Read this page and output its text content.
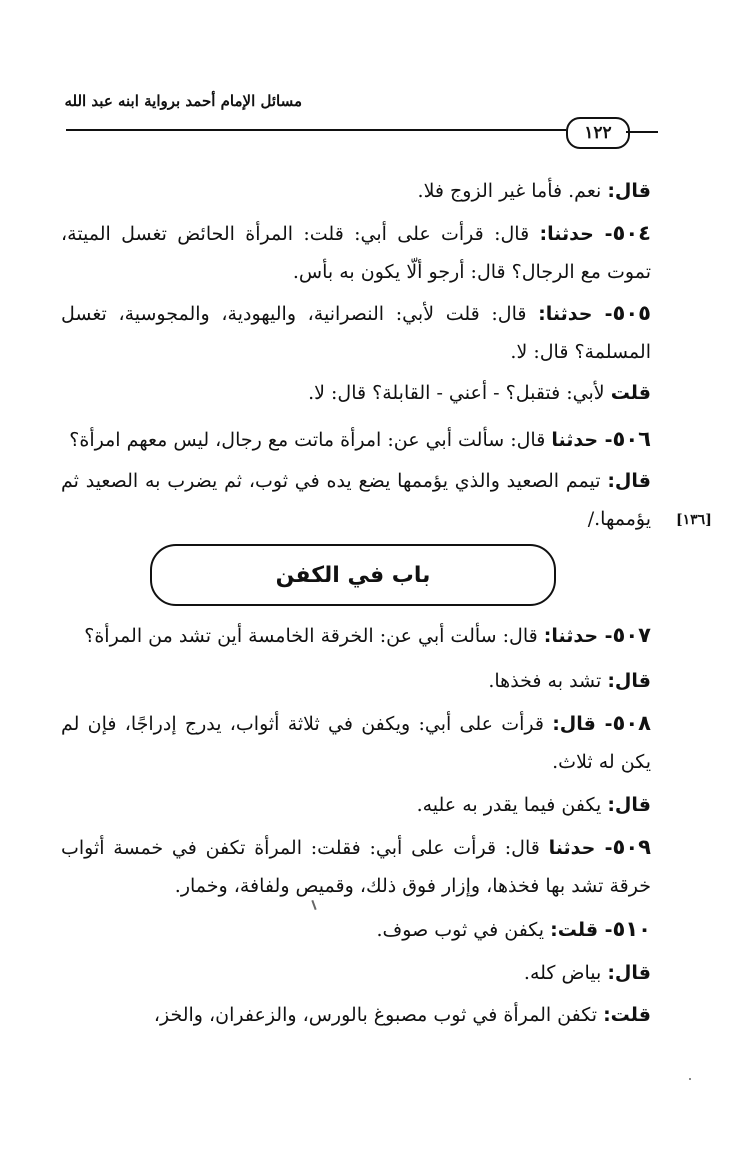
مسائل الإمام أحمد برواية ابنه عبد الله
١٢٢
قال: نعم. فأما غير الزوج فلا.
٥٠٤- حدثنا: قال: قرأت على أبي: قلت: المرأة الحائض تغسل الميتة، تموت مع الرجال؟ قال: أرجو ألّا يكون به بأس.
٥٠٥- حدثنا: قال: قلت لأبي: النصرانية، واليهودية، والمجوسية، تغسل المسلمة؟ قال: لا.
قلت لأبي: فتقبل؟ - أعني - القابلة؟ قال: لا.
٥٠٦- حدثنا قال: سألت أبي عن: امرأة ماتت مع رجال، ليس معهم امرأة؟
قال: تيمم الصعيد والذي يؤممها يضع يده في ثوب، ثم يضرب به الصعيد ثم يؤممها./ [١٣٦]
باب في الكفن
٥٠٧- حدثنا: قال: سألت أبي عن: الخرقة الخامسة أين تشد من المرأة؟
قال: تشد به فخذها.
٥٠٨- قال: قرأت على أبي: ويكفن في ثلاثة أثواب، يدرج إدراجًا، فإن لم يكن له ثلاث.
قال: يكفن فيما يقدر به عليه.
٥٠٩- حدثنا قال: قرأت على أبي: فقلت: المرأة تكفن في خمسة أثواب خرقة تشد بها فخذها، وإزار فوق ذلك، وقميص ولفافة، وخمار.
٥١٠- قلت: يكفن في ثوب صوف.
قال: بياض كله.
قلت: تكفن المرأة في ثوب مصبوغ بالورس، والزعفران، والخز،
